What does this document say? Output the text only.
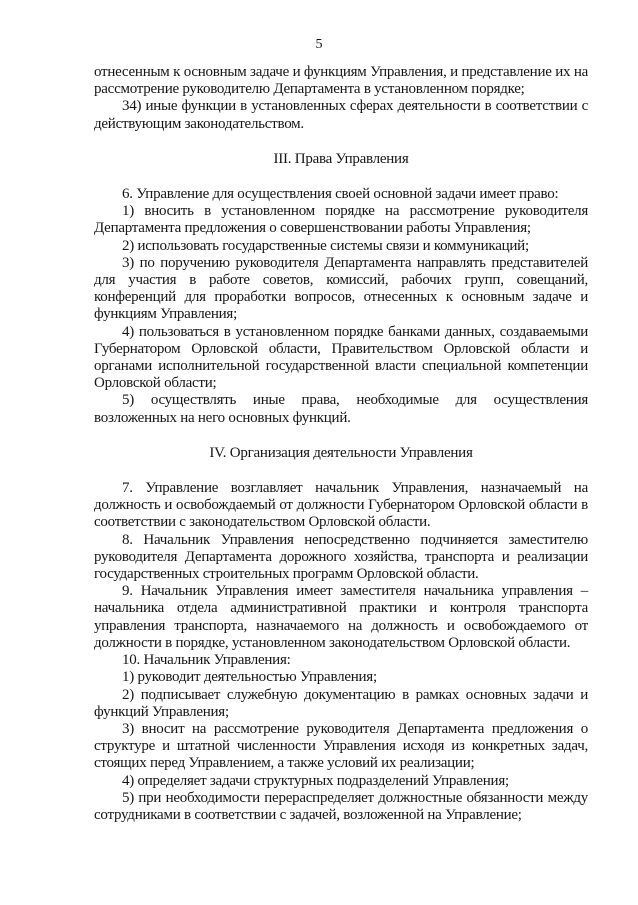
5

отнесенным к основным задаче и функциям Управления, и представление их на рассмотрение руководителю Департамента в установленном порядке;

34) иные функции в установленных сферах деятельности в соответствии с действующим законодательством.

III. Права Управления

6. Управление для осуществления своей основной задачи имеет право:

1) вносить в установленном порядке на рассмотрение руководителя Департамента предложения о совершенствовании работы Управления;

2) использовать государственные системы связи и коммуникаций;

3) по поручению руководителя Департамента направлять представителей для участия в работе советов, комиссий, рабочих групп, совещаний, конференций для проработки вопросов, отнесенных к основным задаче и функциям Управления;

4) пользоваться в установленном порядке банками данных, создаваемыми Губернатором Орловской области, Правительством Орловской области и органами исполнительной государственной власти специальной компетенции Орловской области;

5) осуществлять иные права, необходимые для осуществления возложенных на него основных функций.

IV. Организация деятельности Управления

7. Управление возглавляет начальник Управления, назначаемый на должность и освобождаемый от должности Губернатором Орловской области в соответствии с законодательством Орловской области.

8. Начальник Управления непосредственно подчиняется заместителю руководителя Департамента дорожного хозяйства, транспорта и реализации государственных строительных программ Орловской области.

9. Начальник Управления имеет заместителя начальника управления – начальника отдела административной практики и контроля транспорта управления транспорта, назначаемого на должность и освобождаемого от должности в порядке, установленном законодательством Орловской области.

10. Начальник Управления:

1) руководит деятельностью Управления;

2) подписывает служебную документацию в рамках основных задачи и функций Управления;

3) вносит на рассмотрение руководителя Департамента предложения о структуре и штатной численности Управления исходя из конкретных задач, стоящих перед Управлением, а также условий их реализации;

4) определяет задачи структурных подразделений Управления;

5) при необходимости перераспределяет должностные обязанности между сотрудниками в соответствии с задачей, возложенной на Управление;
